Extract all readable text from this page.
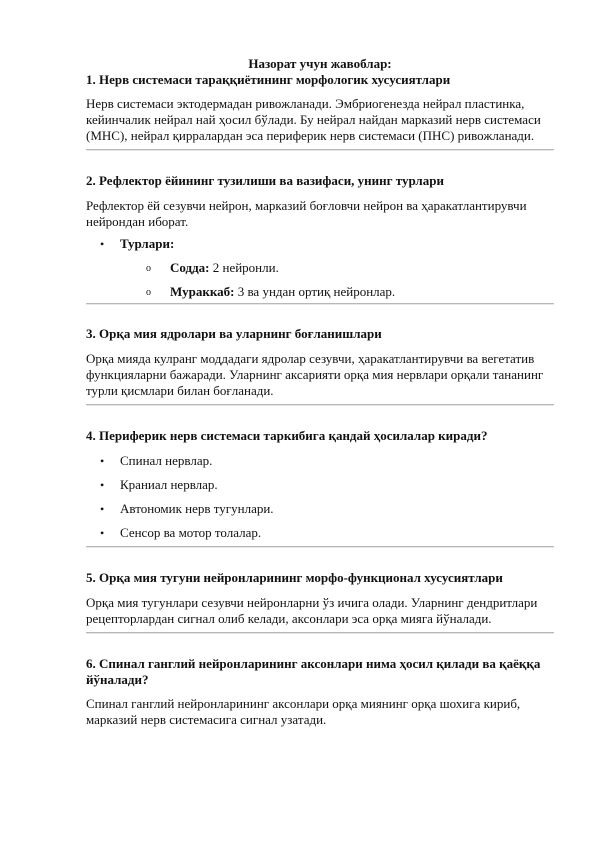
Назорат учун жавоблар:

1. Нерв системаси тараққиётининг морфологик хусусиятлари

Нерв системаси эктодермадан ривожланади. Эмбриогенезда нейрал пластинка, кейинчалик нейрал най ҳосил бўлади. Бу нейрал найдан марказий нерв системаси (МНС), нейрал қирралардан эса периферик нерв системаси (ПНС) ривожланади.

2. Рефлектор ёйининг тузилиши ва вазифаси, унинг турлари

Рефлектор ёй сезувчи нейрон, марказий боғловчи нейрон ва ҳаракатлантирувчи нейрондан иборат.

• Турлари:
o Содда: 2 нейронли.
o Мураккаб: 3 ва ундан ортиқ нейронлар.

3. Орқа мия ядролари ва уларнинг боғланишлари

Орқа мияда кулранг моддадаги ядролар сезувчи, ҳаракатлантирувчи ва вегетатив функцияларни бажаради. Уларнинг аксарияти орқа мия нервлари орқали тананинг турли қисмлари билан боғланади.

4. Периферик нерв системаси таркибига қандай ҳосилалар киради?

• Спинал нервлар.
• Краниал нервлар.
• Автономик нерв тугунлари.
• Сенсор ва мотор толалар.

5. Орқа мия тугуни нейронларининг морфо-функционал хусусиятлари

Орқа мия тугунлари сезувчи нейронларни ўз ичига олади. Уларнинг дендритлари рецепторлардан сигнал олиб келади, аксонлари эса орқа мияга йўналади.

6. Спинал ганглий нейронларининг аксонлари нима ҳосил қилади ва қаёққа йўналади?

Спинал ганглий нейронларининг аксонлари орқа миянинг орқа шохига кириб, марказий нерв системасига сигнал узатади.
